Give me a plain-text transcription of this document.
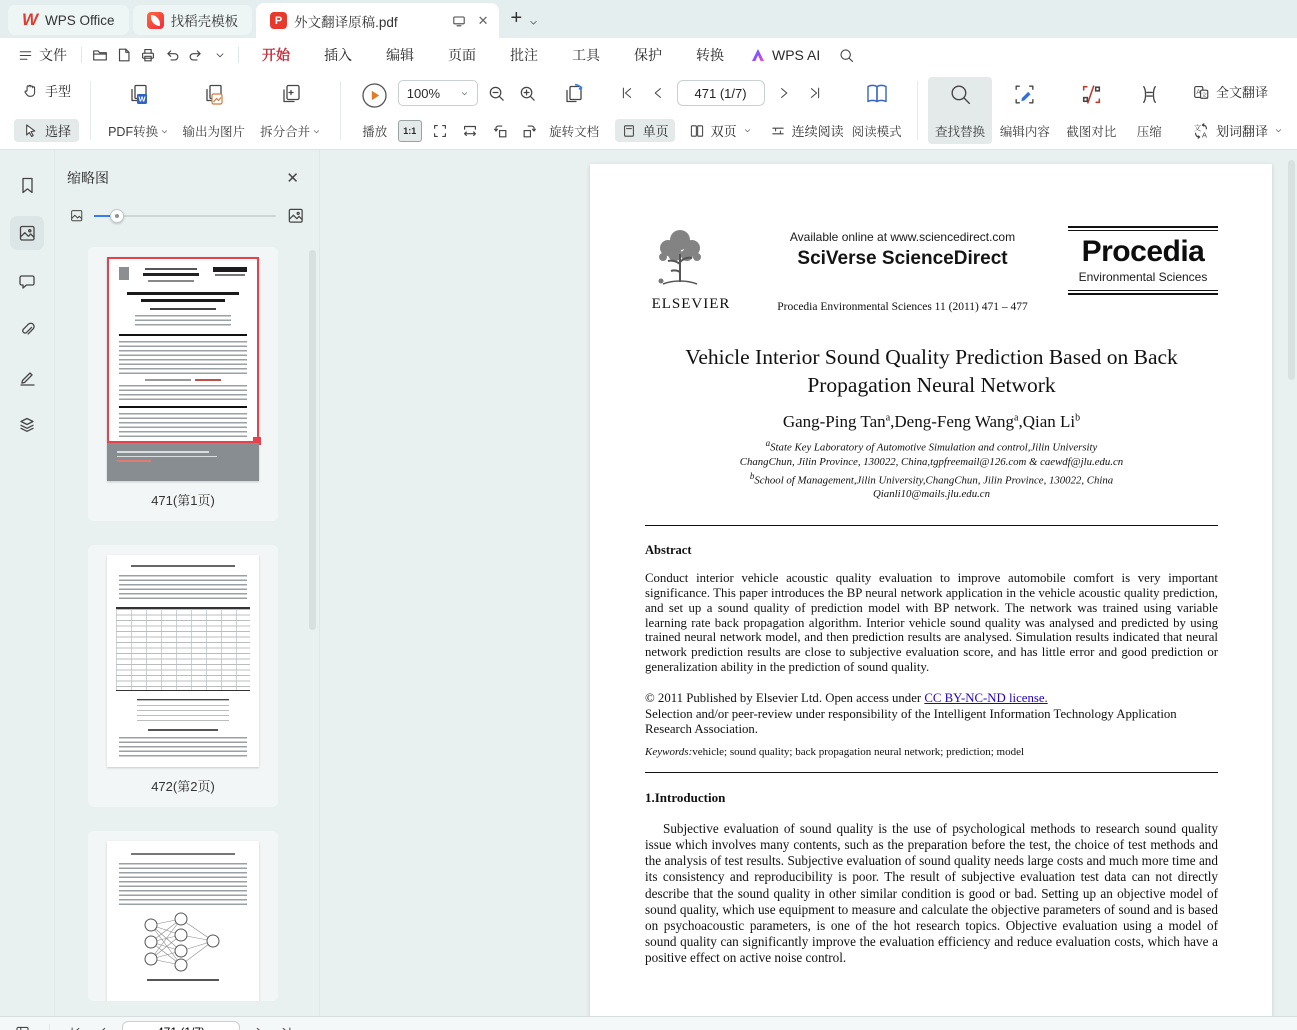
W WPS Office	找稻壳模板	P 外文翻译原稿.pdf	✕ +
文件	开始	插入	编辑	页面	批注	工具	保护	转换	WPS AI
手型
选择
W
PDF转换 输出为图片 拆分合并	播放
100%
1:1	旋转文档
471 (1/7)	单页	双页	连续阅读 阅读模式	查找替换 编辑内容 截图对比 压缩
A 文 全文翻译
文
A 划词翻译
缩略图	✕
471(第1页)
472(第2页)
ELSEVIER
Available online at www.sciencedirect.com
SciVerse ScienceDirect
Procedia Environmental Sciences 11 (2011) 471 – 477
Procedia
Environmental Sciences
Vehicle Interior Sound Quality Prediction Based on Back Propagation Neural Network
Gang-Ping Tan$^a$,Deng-Feng Wang$^a$,Qian Li$^b$
$^a$State Key Laboratory of Automotive Simulation and control,Jilin University
ChangChun, Jilin Province, 130022, China,tgpfreemail@126.com & caewdf@jlu.edu.cn
$^b$School of Management,Jilin University,ChangChun, Jilin Province, 130022, China
Qianli10@mails.jlu.edu.cn
Abstract
Conduct interior vehicle acoustic quality evaluation to improve automobile comfort is very important significance. This paper introduces the BP neural network application in the vehicle acoustic quality prediction, and set up a sound quality of prediction model with BP network. The network was trained using variable learning rate back propagation algorithm. Interior vehicle sound quality was analysed and predicted by using trained neural network model, and then prediction results are analysed. Simulation results indicated that neural network prediction results are close to subjective evaluation score, and has little error and good prediction or generalization ability in the prediction of sound quality.
© 2011 Published by Elsevier Ltd. Open access under CC BY-NC-ND license.
Selection and/or peer-review under responsibility of the Intelligent Information Technology Application Research Association.
Keywords:vehicle; sound quality; back propagation neural network; prediction; model
1.Introduction
Subjective evaluation of sound quality is the use of psychological methods to research sound quality issue which involves many contents, such as the preparation before the test, the choice of test methods and the analysis of test results. Subjective evaluation of sound quality needs large costs and much more time and its consistency and reproducibility is poor. The result of subjective evaluation test data can not directly describe that the sound quality in other similar condition is good or bad. Setting up an objective model of sound quality, which use equipment to measure and calculate the objective parameters of sound and is based on psychoacoustic parameters, is one of the hot research topics. Objective evaluation using a model of sound quality can significantly improve the evaluation efficiency and reduce evaluation costs, which have a positive effect on active noise control.
471 (1/7)
